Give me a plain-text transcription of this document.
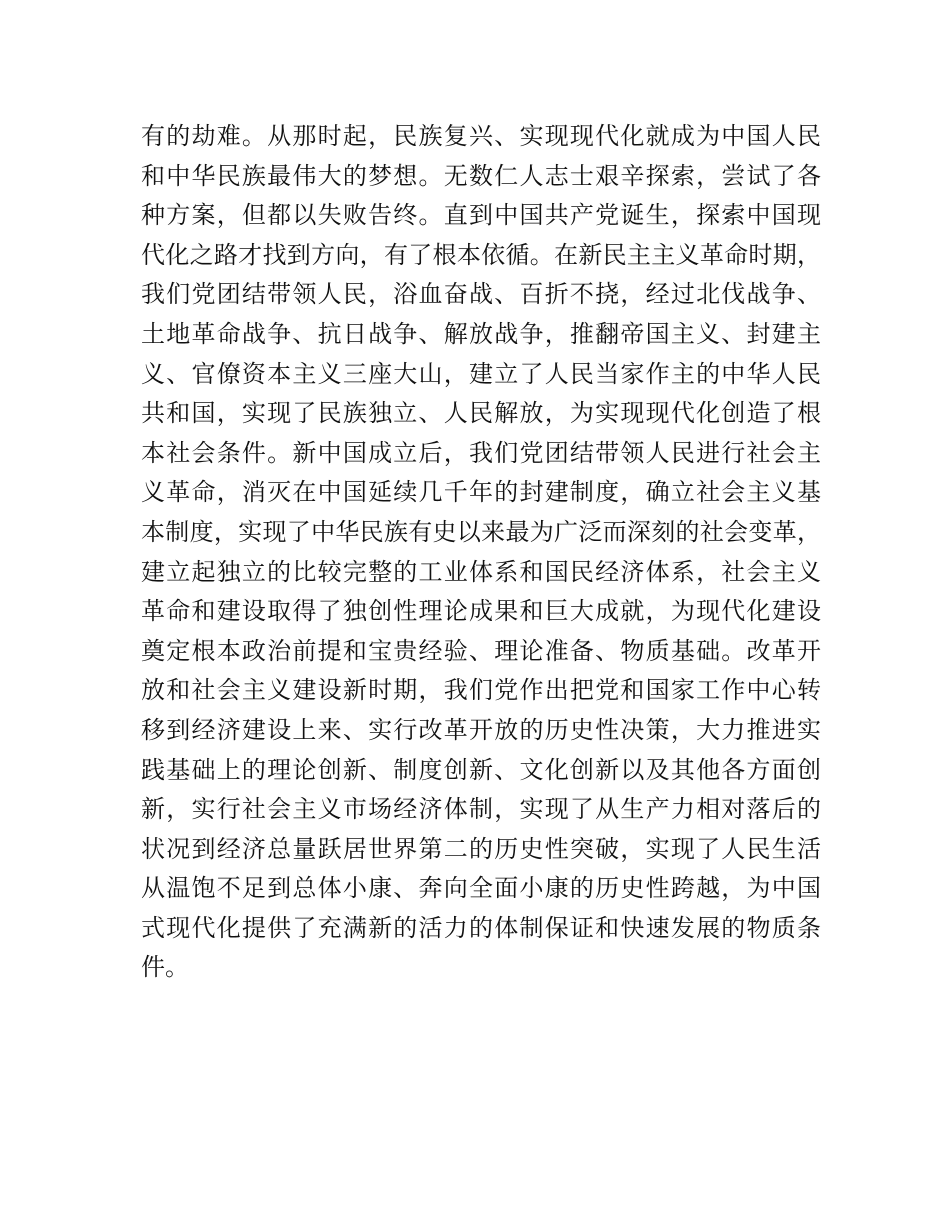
有的劫难。从那时起，民族复兴、实现现代化就成为中国人民
和中华民族最伟大的梦想。无数仁人志士艰辛探索，尝试了各
种方案，但都以失败告终。直到中国共产党诞生，探索中国现
代化之路才找到方向，有了根本依循。在新民主主义革命时期，
我们党团结带领人民，浴血奋战、百折不挠，经过北伐战争、
土地革命战争、抗日战争、解放战争，推翻帝国主义、封建主
义、官僚资本主义三座大山，建立了人民当家作主的中华人民
共和国，实现了民族独立、人民解放，为实现现代化创造了根
本社会条件。新中国成立后，我们党团结带领人民进行社会主
义革命，消灭在中国延续几千年的封建制度，确立社会主义基
本制度，实现了中华民族有史以来最为广泛而深刻的社会变革，
建立起独立的比较完整的工业体系和国民经济体系，社会主义
革命和建设取得了独创性理论成果和巨大成就，为现代化建设
奠定根本政治前提和宝贵经验、理论准备、物质基础。改革开
放和社会主义建设新时期，我们党作出把党和国家工作中心转
移到经济建设上来、实行改革开放的历史性决策，大力推进实
践基础上的理论创新、制度创新、文化创新以及其他各方面创
新，实行社会主义市场经济体制，实现了从生产力相对落后的
状况到经济总量跃居世界第二的历史性突破，实现了人民生活
从温饱不足到总体小康、奔向全面小康的历史性跨越，为中国
式现代化提供了充满新的活力的体制保证和快速发展的物质条
件。
